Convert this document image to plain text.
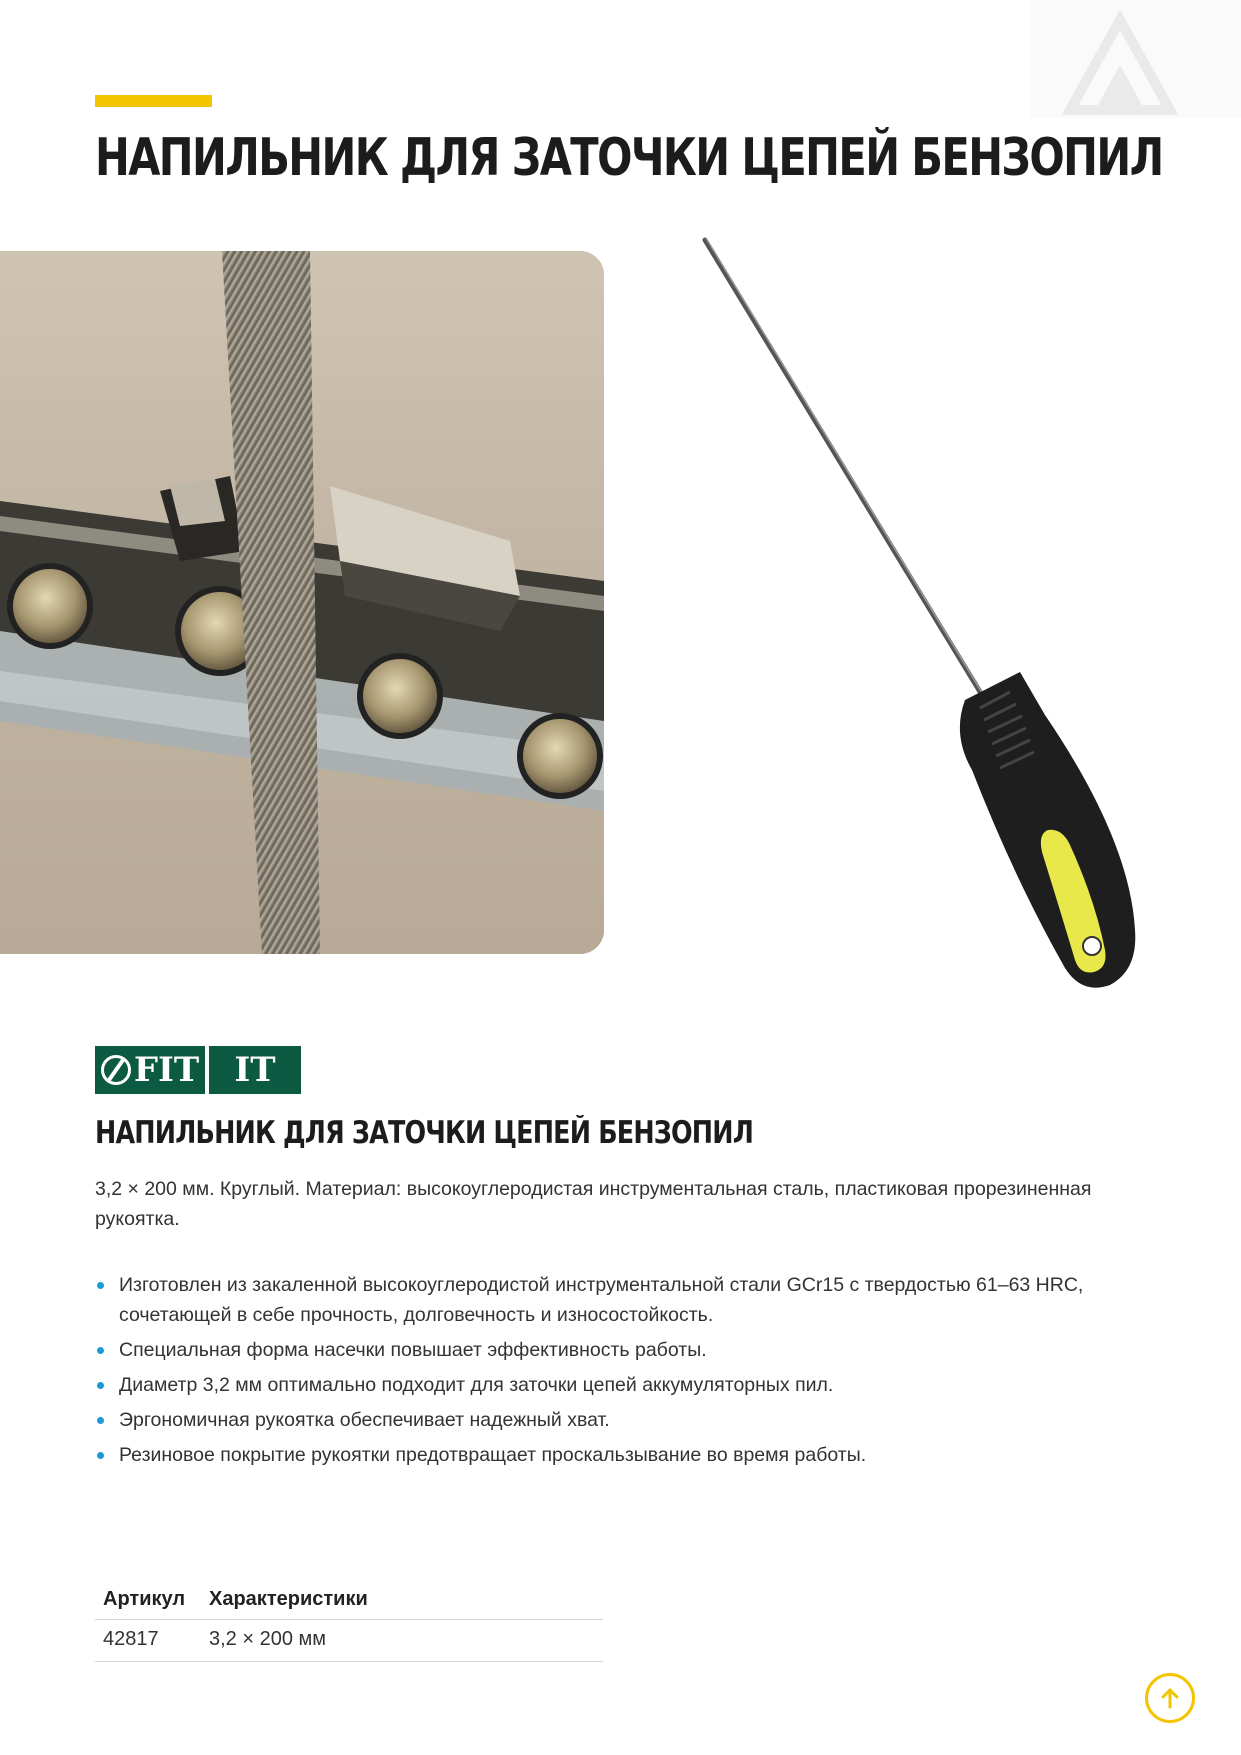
НАПИЛЬНИК ДЛЯ ЗАТОЧКИ ЦЕПЕЙ БЕНЗОПИЛ
FIT IT
НАПИЛЬНИК ДЛЯ ЗАТОЧКИ ЦЕПЕЙ БЕНЗОПИЛ

3,2 × 200 мм. Круглый. Материал: высокоуглеродистая инструментальная сталь, пластиковая прорезиненная рукоятка.

Изготовлен из закаленной высокоуглеродистой инструментальной стали GCr15 с твердостью 61–63 HRC, сочетающей в себе прочность, долговечность и износостойкость.
Специальная форма насечки повышает эффективность работы.
Диаметр 3,2 мм оптимально подходит для заточки цепей аккумуляторных пил.
Эргономичная рукоятка обеспечивает надежный хват.
Резиновое покрытие рукоятки предотвращает проскальзывание во время работы.
Артикул	Характеристики
42817	3,2 × 200 мм
